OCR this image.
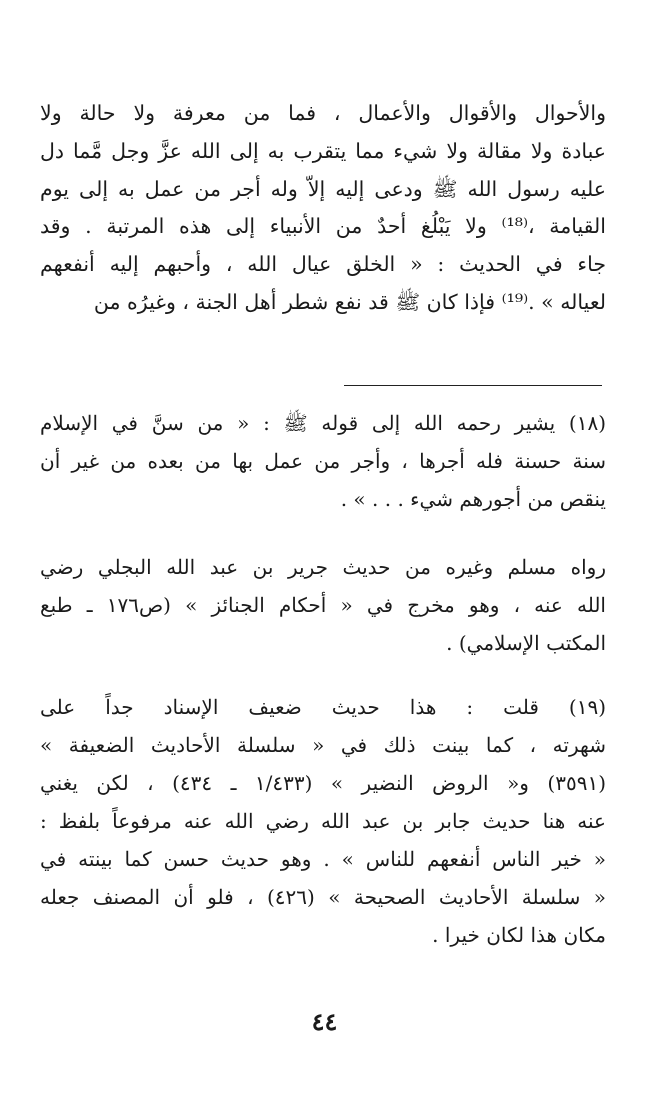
والأحوال والأقوال والأعمال ، فما من معرفة ولا حالة ولا
عبادة ولا مقالة ولا شيء مما يتقرب به إلى الله عزَّ وجل مَّما دل
عليه رسول الله ﷺ ودعى إليه إلاّ وله أجر من عمل به إلى يوم
القيامة ،⁽¹⁸⁾ ولا يَبْلُغ أحدٌ من الأنبياء إلى هذه المرتبة . وقد
جاء في الحديث : « الخلق عيال الله ، وأحبهم إليه أنفعهم
لعياله » .⁽¹⁹⁾ فإذا كان ﷺ قد نفع شطر أهل الجنة ، وغيرُه من
(١٨) يشير رحمه الله إلى قوله ﷺ : « من سنَّ في الإسلام
سنة حسنة فله أجرها ، وأجر من عمل بها من بعده من غير أن
ينقص من أجورهم شيء . . . » .
رواه مسلم وغيره من حديث جرير بن عبد الله البجلي رضي
الله عنه ، وهو مخرج في « أحكام الجنائز » (ص١٧٦ ـ طبع
المكتب الإسلامي) .
(١٩) قلت : هذا حديث ضعيف الإسناد جداً على
شهرته ، كما بينت ذلك في « سلسلة الأحاديث الضعيفة »
(٣٥٩١) و« الروض النضير » (١/٤٣٣ ـ ٤٣٤) ، لكن يغني
عنه هنا حديث جابر بن عبد الله رضي الله عنه مرفوعاً بلفظ :
« خير الناس أنفعهم للناس » . وهو حديث حسن كما بينته في
« سلسلة الأحاديث الصحيحة » (٤٢٦) ، فلو أن المصنف جعله
مكان هذا لكان خيرا .
٤٤
